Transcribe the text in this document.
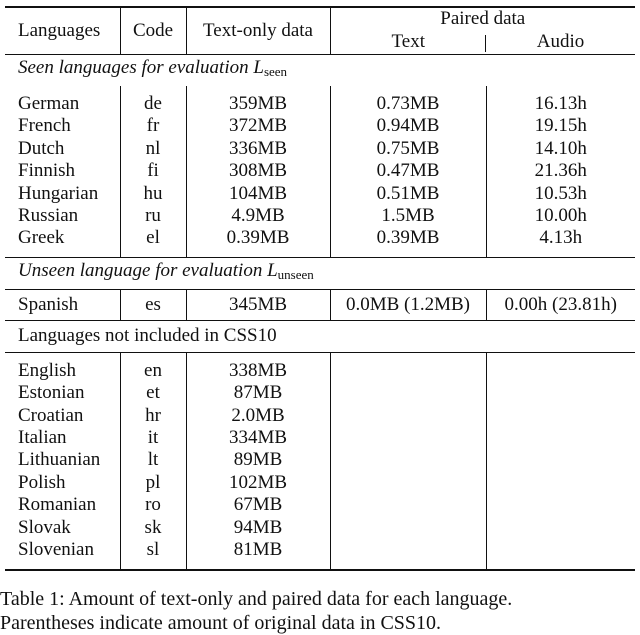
Languages	Code	Text-only data	Paired data	
			Text	Audio
Seen languages for evaluation Lseen				

German	de	359MB	0.73MB	16.13h
French	fr	372MB	0.94MB	19.15h
Dutch	nl	336MB	0.75MB	14.10h
Finnish	fi	308MB	0.47MB	21.36h
Hungarian	hu	104MB	0.51MB	10.53h
Russian	ru	4.9MB	1.5MB	10.00h
Greek	el	0.39MB	0.39MB	4.13h

Unseen language for evaluation Lunseen				
Spanish	es	345MB	0.0MB (1.2MB)	0.00h (23.81h)
Languages not included in CSS10				

English	en	338MB		
Estonian	et	87MB		
Croatian	hr	2.0MB		
Italian	it	334MB		
Lithuanian	lt	89MB		
Polish	pl	102MB		
Romanian	ro	67MB		
Slovak	sk	94MB		
Slovenian	sl	81MB		

Table 1: Amount of text-only and paired data for each language.
Parentheses indicate amount of original data in CSS10.
